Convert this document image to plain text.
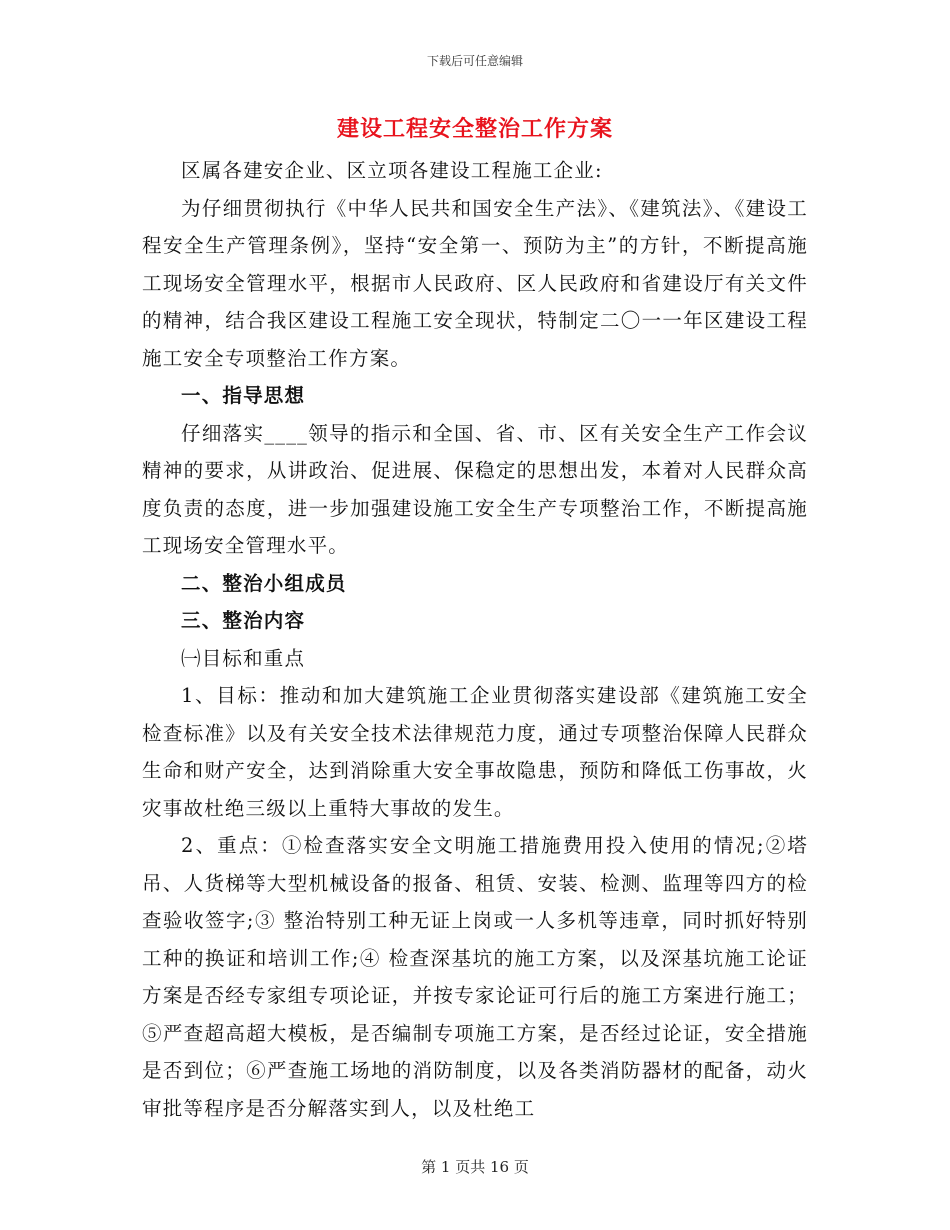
下载后可任意编辑
建设工程安全整治工作方案

区属各建安企业、区立项各建设工程施工企业:

为仔细贯彻执行《中华人民共和国安全生产法》、《建筑法》、《建设工程安全生产管理条例》，坚持“安全第一、预防为主”的方针，不断提高施工现场安全管理水平，根据市人民政府、区人民政府和省建设厅有关文件的精神，结合我区建设工程施工安全现状，特制定二〇一一年区建设工程施工安全专项整治工作方案。

一、指导思想

仔细落实____领导的指示和全国、省、市、区有关安全生产工作会议精神的要求，从讲政治、促进展、保稳定的思想出发，本着对人民群众高度负责的态度，进一步加强建设施工安全生产专项整治工作，不断提高施工现场安全管理水平。

二、整治小组成员

三、整治内容

㈠目标和重点

1、目标：推动和加大建筑施工企业贯彻落实建设部《建筑施工安全检查标准》以及有关安全技术法律规范力度，通过专项整治保障人民群众生命和财产安全，达到消除重大安全事故隐患，预防和降低工伤事故，火灾事故杜绝三级以上重特大事故的发生。

2、重点：①检查落实安全文明施工措施费用投入使用的情况;②塔吊、人货梯等大型机械设备的报备、租赁、安装、检测、监理等四方的检查验收签字;③ 整治特别工种无证上岗或一人多机等违章，同时抓好特别工种的换证和培训工作;④ 检查深基坑的施工方案，以及深基坑施工论证方案是否经专家组专项论证，并按专家论证可行后的施工方案进行施工；⑤严查超高超大模板，是否编制专项施工方案，是否经过论证，安全措施是否到位；⑥严查施工场地的消防制度，以及各类消防器材的配备，动火审批等程序是否分解落实到人，以及杜绝工

第 1 页共 16 页
